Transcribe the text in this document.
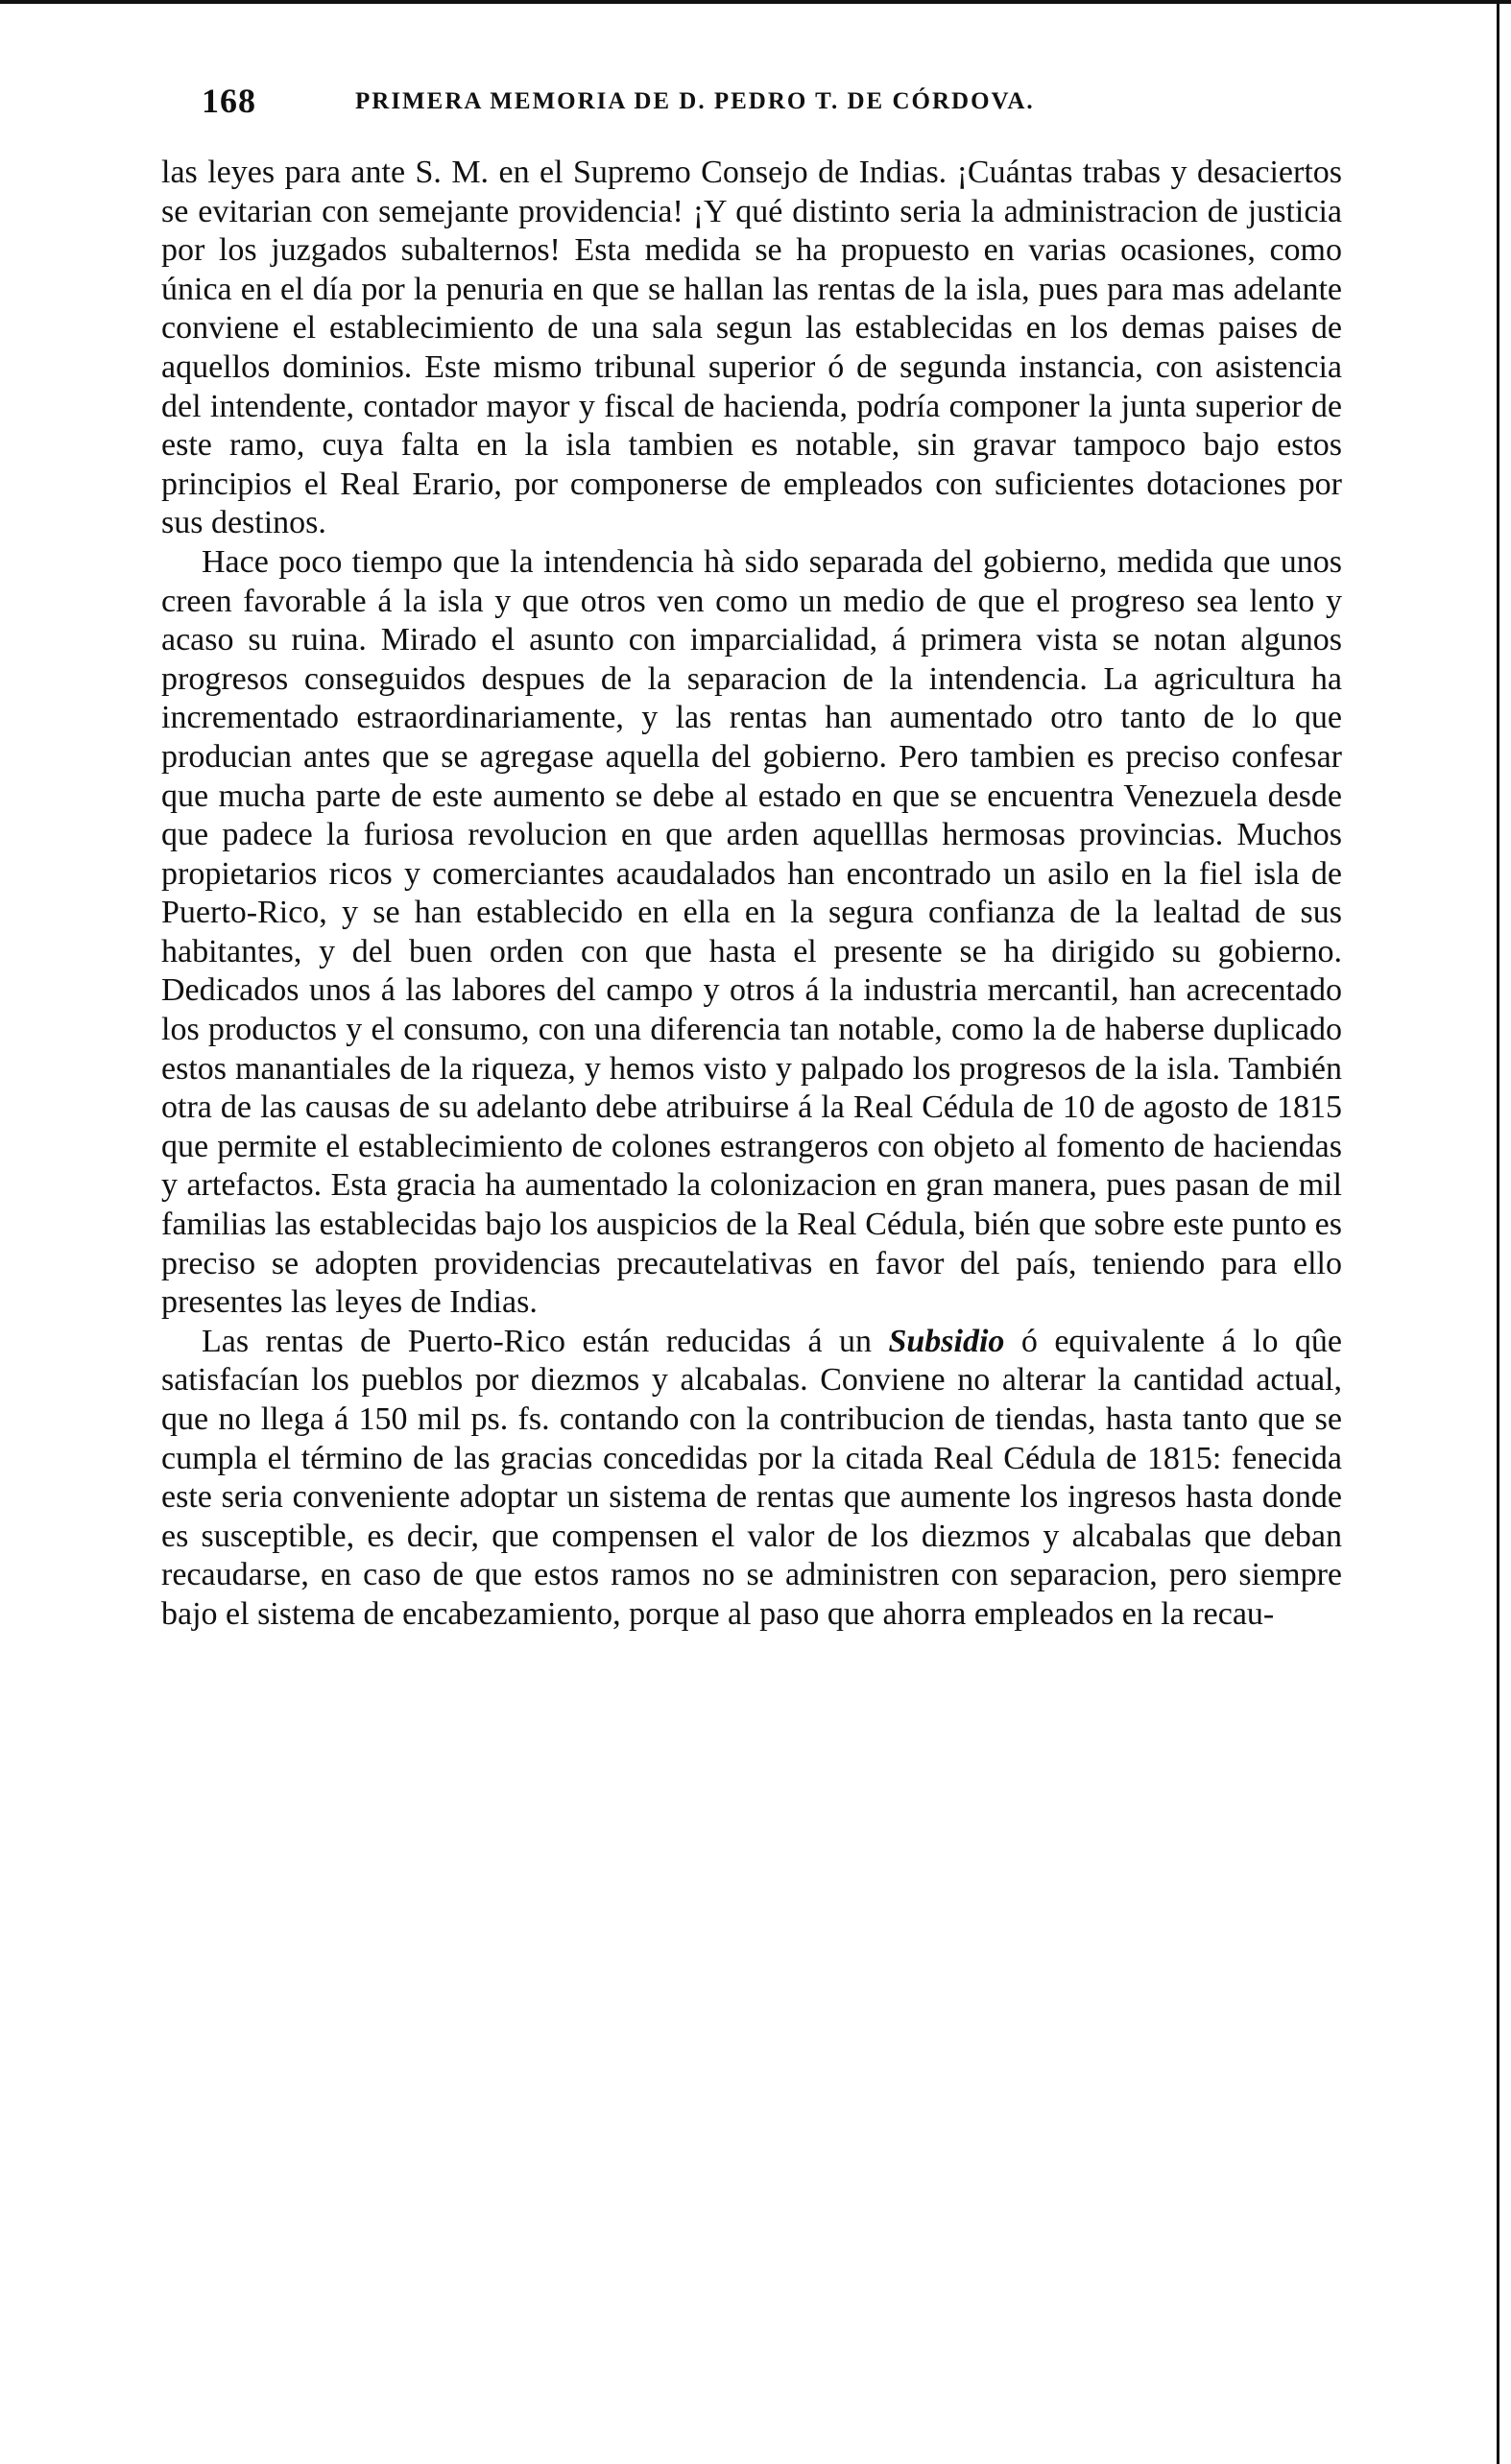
168	PRIMERA MEMORIA DE D. PEDRO T. DE CÓRDOVA.

las leyes para ante S. M. en el Supremo Consejo de Indias. ¡Cuántas trabas y desaciertos se evitarian con semejante providencia! ¡Y qué distinto seria la administracion de justicia por los juzgados subalternos! Esta medida se ha propuesto en varias ocasiones, como única en el día por la penuria en que se hallan las rentas de la isla, pues para mas adelante conviene el establecimiento de una sala segun las establecidas en los demas paises de aquellos dominios. Este mismo tribunal superior ó de segunda instancia, con asistencia del intendente, contador mayor y fiscal de hacienda, podría componer la junta superior de este ramo, cuya falta en la isla tambien es notable, sin gravar tampoco bajo estos principios el Real Erario, por componerse de empleados con suficientes dotaciones por sus destinos.

Hace poco tiempo que la intendencia hà sido separada del gobierno, medida que unos creen favorable á la isla y que otros ven como un medio de que el progreso sea lento y acaso su ruina. Mirado el asunto con imparcialidad, á primera vista se notan algunos progresos conseguidos despues de la separacion de la intendencia. La agricultura ha incrementado estraordinariamente, y las rentas han aumentado otro tanto de lo que producian antes que se agregase aquella del gobierno. Pero tambien es preciso confesar que mucha parte de este aumento se debe al estado en que se encuentra Venezuela desde que padece la furiosa revolucion en que arden aquelllas hermosas provincias. Muchos propietarios ricos y comerciantes acaudalados han encontrado un asilo en la fiel isla de Puerto-Rico, y se han establecido en ella en la segura confianza de la lealtad de sus habitantes, y del buen orden con que hasta el presente se ha dirigido su gobierno. Dedicados unos á las labores del campo y otros á la industria mercantil, han acrecentado los productos y el consumo, con una diferencia tan notable, como la de haberse duplicado estos manantiales de la riqueza, y hemos visto y palpado los progresos de la isla. También otra de las causas de su adelanto debe atribuirse á la Real Cédula de 10 de agosto de 1815 que permite el establecimiento de colones estrangeros con objeto al fomento de haciendas y artefactos. Esta gracia ha aumentado la colonizacion en gran manera, pues pasan de mil familias las establecidas bajo los auspicios de la Real Cédula, bién que sobre este punto es preciso se adopten providencias precautelativas en favor del país, teniendo para ello presentes las leyes de Indias.

Las rentas de Puerto-Rico están reducidas á un Subsidio ó equivalente á lo qûe satisfacían los pueblos por diezmos y alcabalas. Conviene no alterar la cantidad actual, que no llega á 150 mil ps. fs. contando con la contribucion de tiendas, hasta tanto que se cumpla el término de las gracias concedidas por la citada Real Cédula de 1815: fenecida este seria conveniente adoptar un sistema de rentas que aumente los ingresos hasta donde es susceptible, es decir, que compensen el valor de los diezmos y alcabalas que deban recaudarse, en caso de que estos ramos no se administren con separacion, pero siempre bajo el sistema de encabezamiento, porque al paso que ahorra empleados en la recau-
